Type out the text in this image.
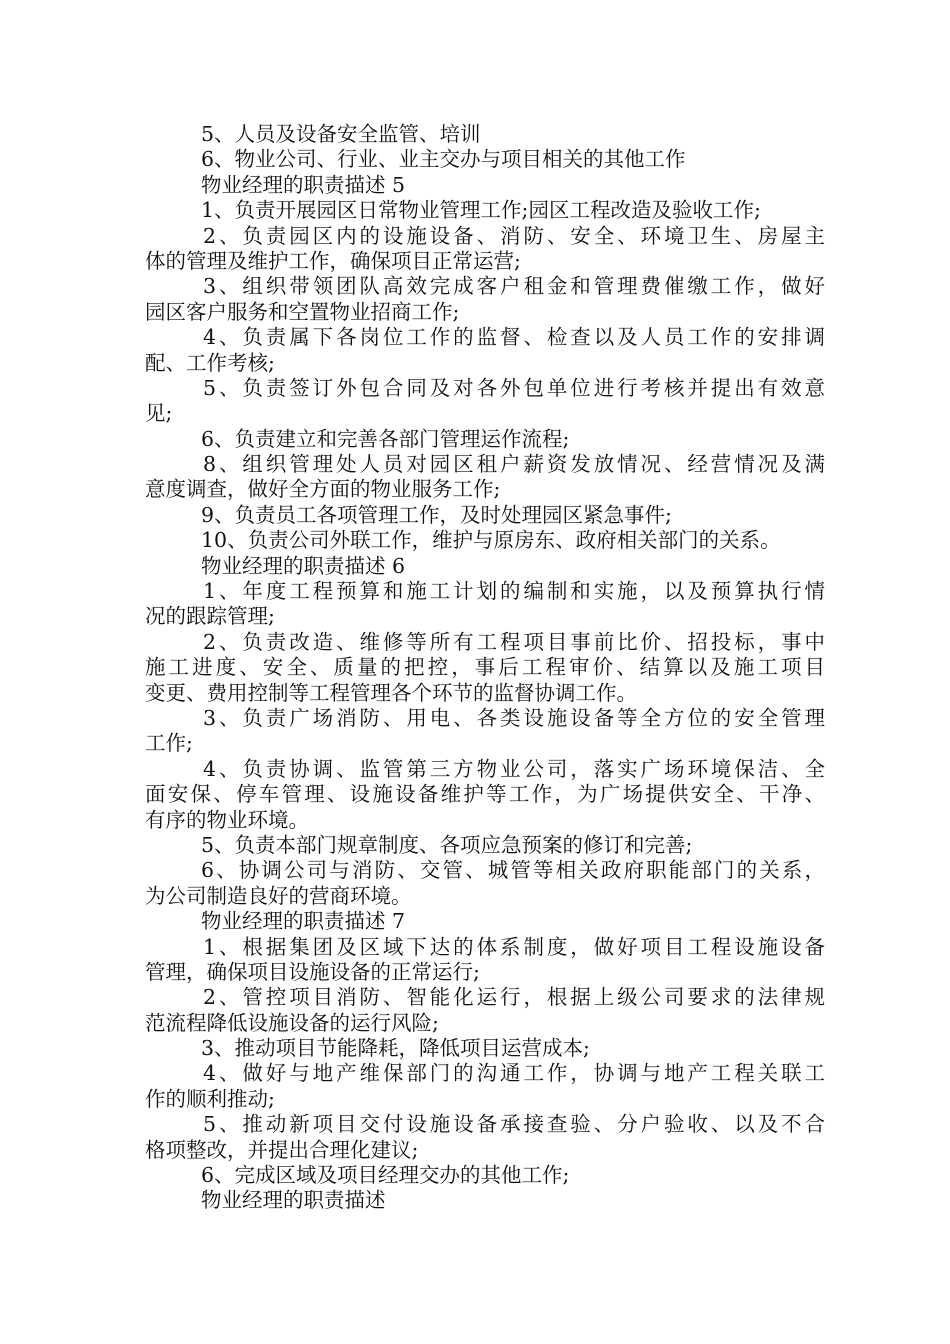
5、人员及设备安全监管、培训
6、物业公司、行业、业主交办与项目相关的其他工作
物业经理的职责描述 5
1、负责开展园区日常物业管理工作;园区工程改造及验收工作;
2、负责园区内的设施设备、消防、安全、环境卫生、房屋主
体的管理及维护工作，确保项目正常运营;
3、组织带领团队高效完成客户租金和管理费催缴工作，做好
园区客户服务和空置物业招商工作;
4、负责属下各岗位工作的监督、检查以及人员工作的安排调
配、工作考核;
5、负责签订外包合同及对各外包单位进行考核并提出有效意
见;
6、负责建立和完善各部门管理运作流程;
8、组织管理处人员对园区租户薪资发放情况、经营情况及满
意度调查，做好全方面的物业服务工作;
9、负责员工各项管理工作，及时处理园区紧急事件;
10、负责公司外联工作，维护与原房东、政府相关部门的关系。
物业经理的职责描述 6
1、年度工程预算和施工计划的编制和实施，以及预算执行情
况的跟踪管理;
2、负责改造、维修等所有工程项目事前比价、招投标，事中
施工进度、安全、质量的把控，事后工程审价、结算以及施工项目
变更、费用控制等工程管理各个环节的监督协调工作。
3、负责广场消防、用电、各类设施设备等全方位的安全管理
工作;
4、负责协调、监管第三方物业公司，落实广场环境保洁、全
面安保、停车管理、设施设备维护等工作，为广场提供安全、干净、
有序的物业环境。
5、负责本部门规章制度、各项应急预案的修订和完善;
6、协调公司与消防、交管、城管等相关政府职能部门的关系，
为公司制造良好的营商环境。
物业经理的职责描述 7
1、根据集团及区域下达的体系制度，做好项目工程设施设备
管理，确保项目设施设备的正常运行;
2、管控项目消防、智能化运行，根据上级公司要求的法律规
范流程降低设施设备的运行风险;
3、推动项目节能降耗，降低项目运营成本;
4、做好与地产维保部门的沟通工作，协调与地产工程关联工
作的顺利推动;
5、推动新项目交付设施设备承接查验、分户验收、以及不合
格项整改，并提出合理化建议;
6、完成区域及项目经理交办的其他工作;
物业经理的职责描述
